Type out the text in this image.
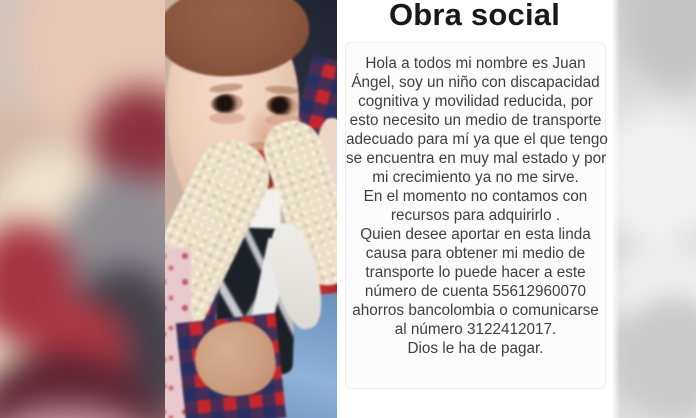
Obra social
Hola a todos mi nombre es Juan
Ángel, soy un niño con discapacidad
cognitiva y movilidad reducida, por
esto necesito un medio de transporte
adecuado para mí ya que el que tengo
se encuentra en muy mal estado y por
mi crecimiento ya no me sirve.
En el momento no contamos con
recursos para adquirirlo .
Quien desee aportar en esta linda
causa para obtener mi medio de
transporte lo puede hacer a este
número de cuenta 55612960070
ahorros bancolombia o comunicarse
al número 3122412017.
Dios le ha de pagar.
